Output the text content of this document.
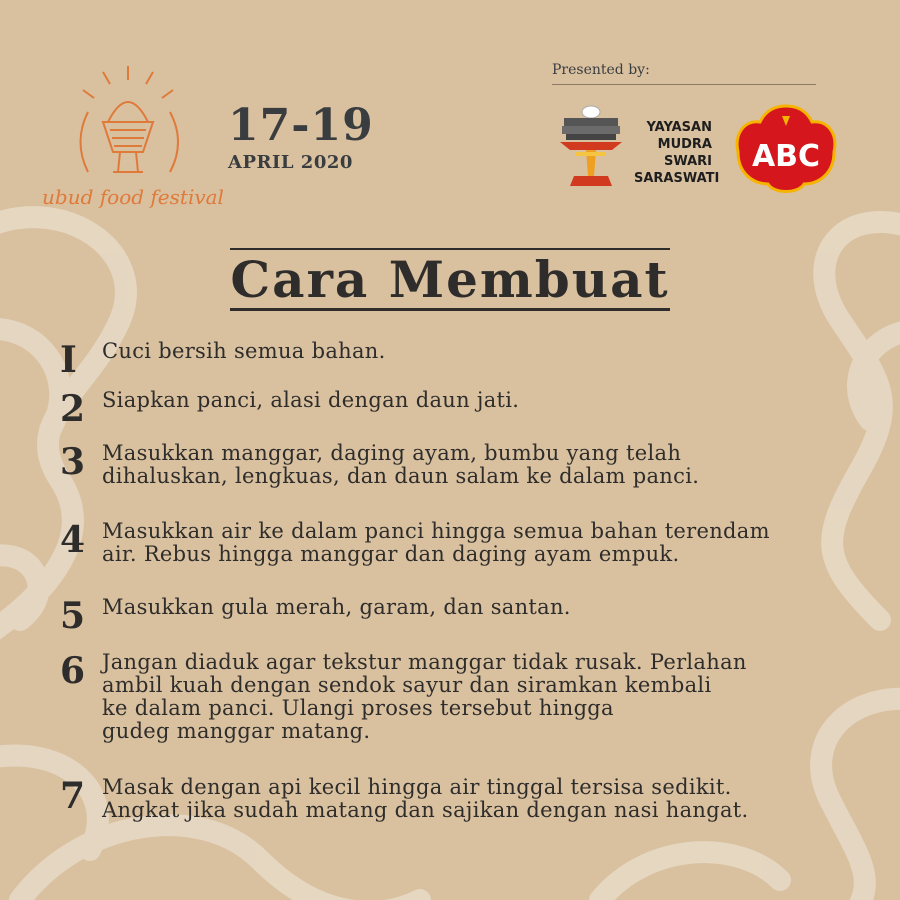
ubud food festival
17-19
APRIL 2020
Presented by:
YAYASAN
MUDRA
SWARI
SARASWATI
ABC
Cara Membuat
I	Cuci bersih semua bahan.
2 Siapkan panci, alasi dengan daun jati.
3 Masukkan manggar, daging ayam, bumbu yang telah
dihaluskan, lengkuas, dan daun salam ke dalam panci.
4 Masukkan air ke dalam panci hingga semua bahan terendam
air. Rebus hingga manggar dan daging ayam empuk.
5 Masukkan gula merah, garam, dan santan.
6 Jangan diaduk agar tekstur manggar tidak rusak. Perlahan
ambil kuah dengan sendok sayur dan siramkan kembali
ke dalam panci. Ulangi proses tersebut hingga
gudeg manggar matang.
7 Masak dengan api kecil hingga air tinggal tersisa sedikit.
Angkat jika sudah matang dan sajikan dengan nasi hangat.
